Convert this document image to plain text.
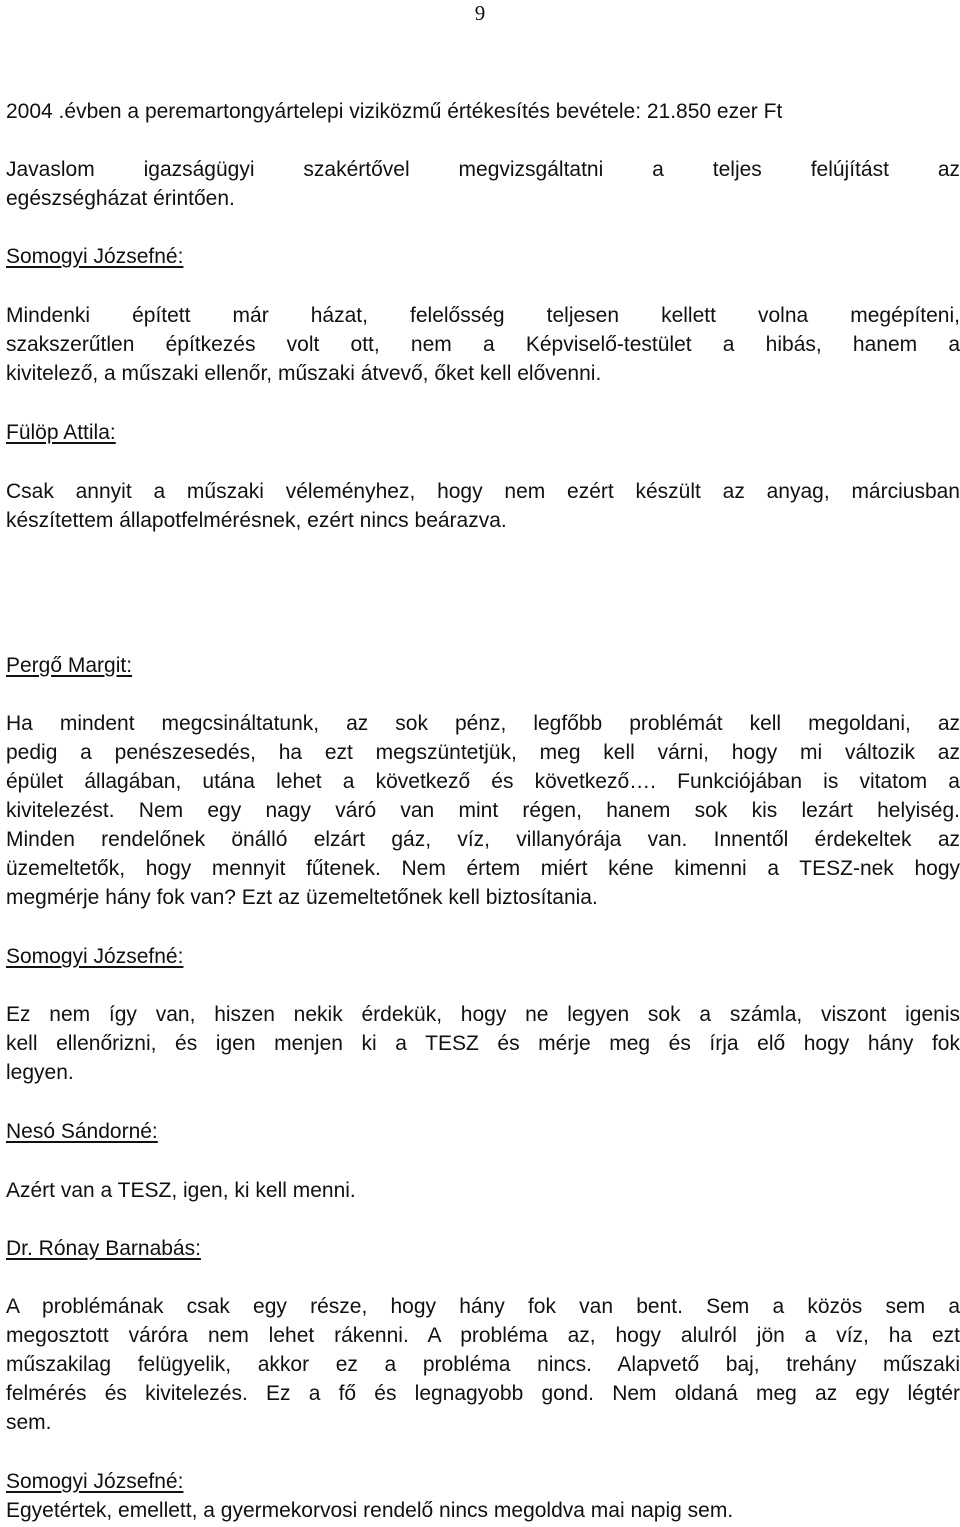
9
2004 .évben a peremartongyártelepi viziközmű értékesítés bevétele: 21.850 ezer Ft
Javaslom igazságügyi szakértővel megvizsgáltatni a teljes felújítást az
egészségházat érintően.
Somogyi Józsefné:
Mindenki épített már házat, felelősség teljesen kellett volna megépíteni,
szakszerűtlen építkezés volt ott, nem a Képviselő-testület a hibás, hanem a
kivitelező, a műszaki ellenőr, műszaki átvevő, őket kell elővenni.
Fülöp Attila:
Csak annyit a műszaki véleményhez, hogy nem ezért készült az anyag, márciusban
készítettem állapotfelmérésnek, ezért nincs beárazva.
Pergő Margit:
Ha mindent megcsináltatunk, az sok pénz, legfőbb problémát kell megoldani, az
pedig a penészesedés, ha ezt megszüntetjük, meg kell várni, hogy mi változik az
épület állagában, utána lehet a következő és következő…. Funkciójában is vitatom a
kivitelezést. Nem egy nagy váró van mint régen, hanem sok kis lezárt helyiség.
Minden rendelőnek önálló elzárt gáz, víz, villanyórája van. Innentől érdekeltek az
üzemeltetők, hogy mennyit fűtenek. Nem értem miért kéne kimenni a TESZ-nek hogy
megmérje hány fok van? Ezt az üzemeltetőnek kell biztosítania.
Somogyi Józsefné:
Ez nem így van, hiszen nekik érdekük, hogy ne legyen sok a számla, viszont igenis
kell ellenőrizni, és igen menjen ki a TESZ és mérje meg és írja elő hogy hány fok
legyen.
Nesó Sándorné:
Azért van a TESZ, igen, ki kell menni.
Dr. Rónay Barnabás:
A problémának csak egy része, hogy hány fok van bent. Sem a közös sem a
megosztott váróra nem lehet rákenni. A probléma az, hogy alulról jön a víz, ha ezt
műszakilag felügyelik, akkor ez a probléma nincs. Alapvető baj, trehány műszaki
felmérés és kivitelezés. Ez a fő és legnagyobb gond. Nem oldaná meg az egy légtér
sem.
Somogyi Józsefné:
Egyetértek, emellett, a gyermekorvosi rendelő nincs megoldva mai napig sem.
